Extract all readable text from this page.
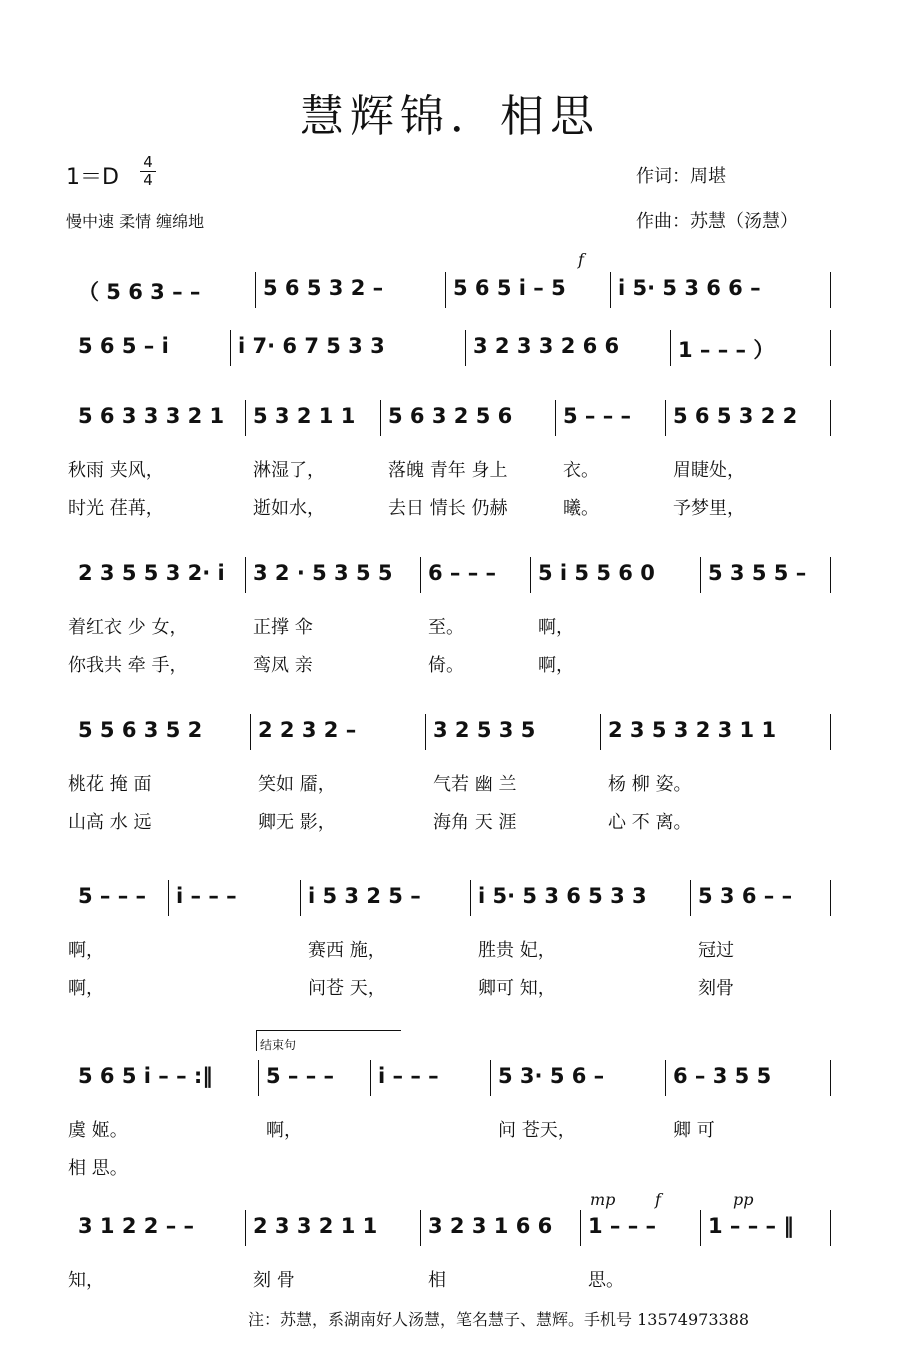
慧辉锦．相思
1＝D
4
4
慢中速 柔情 缠绵地
作词：周堪
作曲：苏慧（汤慧）
结束句
（ 5 6 3 – –	5 6 5 3 2 –	5 6 5 i – 5	i 5· 5 3 6 6 –
5 6 5 – i	i 7· 6 7 5 3 3	3 2 3 3 2 6 6	1 – – – ）
5 6 3 3 3 2 1	5 3 2 1 1	5 6 3 2 5 6	5 – – –	5 6 5 3 2 2
秋雨 夹风，	淋湿了，	落魄 青年 身上	衣。	眉睫处，
时光 荏苒，	逝如水，	去日 情长 仍赫	曦。	予梦里，
2 3 5 5 3 2· i	3 2 · 5 3 5 5	6 – – –	5 i 5 5 6 0	5 3 5 5 –
着红衣 少 女，	正撑 伞	至。	啊，
你我共 牵 手，	鸾凤 亲	倚。	啊，
5 5 6 3 5 2	2 2 3 2 –	3 2 5 3 5	2 3 5 3 2 3 1 1
桃花 掩 面	笑如 靥，	气若 幽 兰	杨 柳 姿。
山高 水 远	卿无 影，	海角 天 涯	心 不 离。
5 – – –	i – – –	i 5 3 2 5 –	i 5· 5 3 6 5 3 3	5 3 6 – –
啊，	赛西 施，	胜贵 妃，	冠过
啊，	问苍 天，	卿可 知，	刻骨
5 6 5 i – – :‖	5 – – –	i – – –	5 3· 5 6 –	6 – 3 5 5
虞 姬。	啊，	问 苍天，	卿 可
相 思。
3 1 2 2 – –	2 3 3 2 1 1	3 2 3 1 6 6	1 – – –	1 – – – ‖
知，	刻 骨	相	思。
f
mp f	pp
注：苏慧，系湖南好人汤慧，笔名慧子、慧辉。手机号 13574973388
